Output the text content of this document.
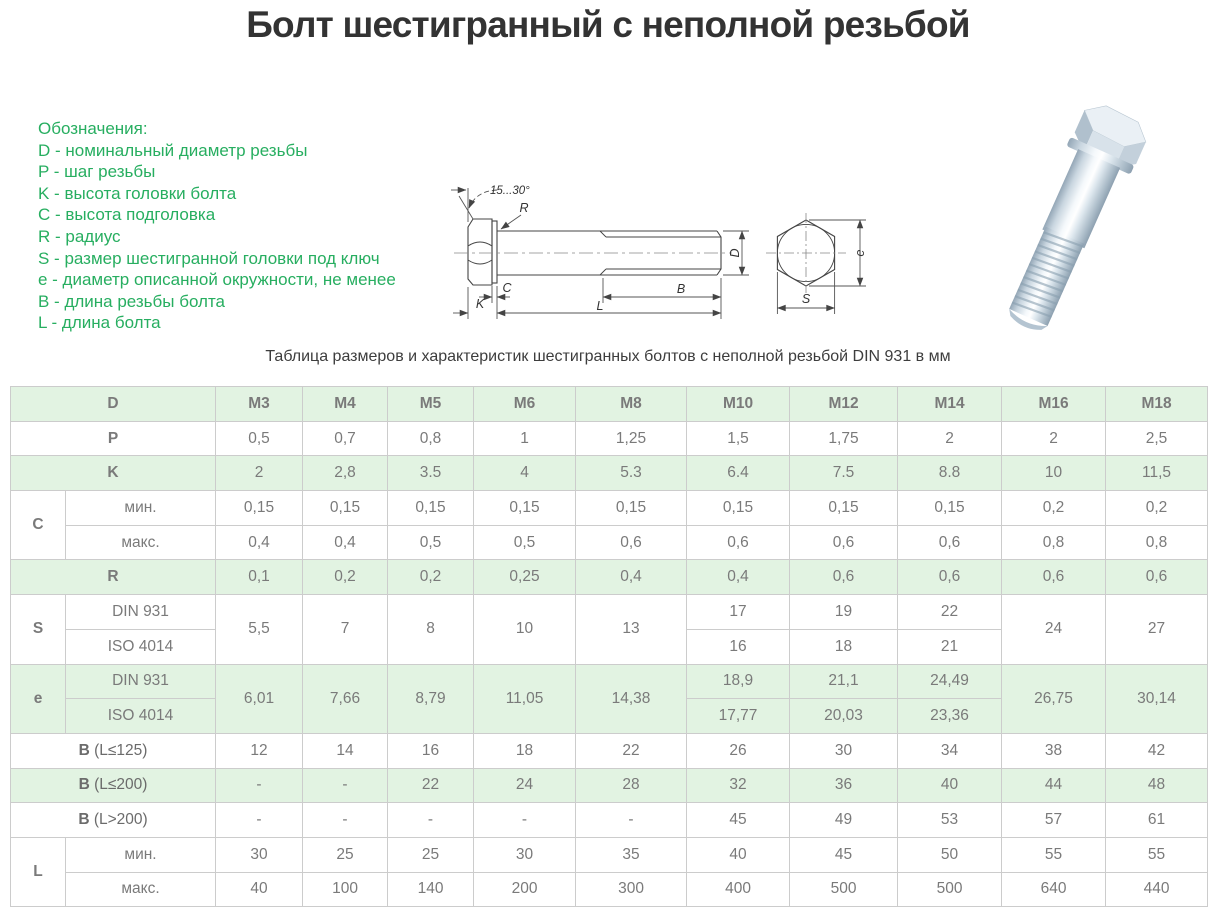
Болт шестигранный с неполной резьбой
Обозначения:
D - номинальный диаметр резьбы
P - шаг резьбы
K - высота головки болта
C - высота подголовка
R - радиус
S - размер шестигранной головки под ключ
e - диаметр описанной окружности, не менее
B - длина резьбы болта
L - длина болта
15...30°
R
C
K	L
B
D	e
S
Таблица размеров и характеристик шестигранных болтов с неполной резьбой DIN 931 в мм
D		M3	M4	M5	M6	M8	M10	M12	M14	M16	M18
P		0,5	0,7	0,8	1	1,25	1,5	1,75	2	2	2,5
K		2	2,8	3.5	4	5.3	6.4	7.5	8.8	10	11,5
C	мин.	0,15	0,15	0,15	0,15	0,15	0,15	0,15	0,15	0,2	0,2
	макс.	0,4	0,4	0,5	0,5	0,6	0,6	0,6	0,6	0,8	0,8
R		0,1	0,2	0,2	0,25	0,4	0,4	0,6	0,6	0,6	0,6
S	DIN 931	5,5	7	8	10	13	17	19	22	24	27
	ISO 4014						16	18	21		
e	DIN 931	6,01	7,66	8,79	11,05	14,38	18,9	21,1	24,49	26,75	30,14
	ISO 4014						17,77	20,03	23,36		
B (L≤125)		12	14	16	18	22	26	30	34	38	42
B (L≤200)		-	-	22	24	28	32	36	40	44	48
B (L>200)		-	-	-	-	-	45	49	53	57	61
L	мин.	30	25	25	30	35	40	45	50	55	55
	макс.	40	100	140	200	300	400	500	500	640	440
